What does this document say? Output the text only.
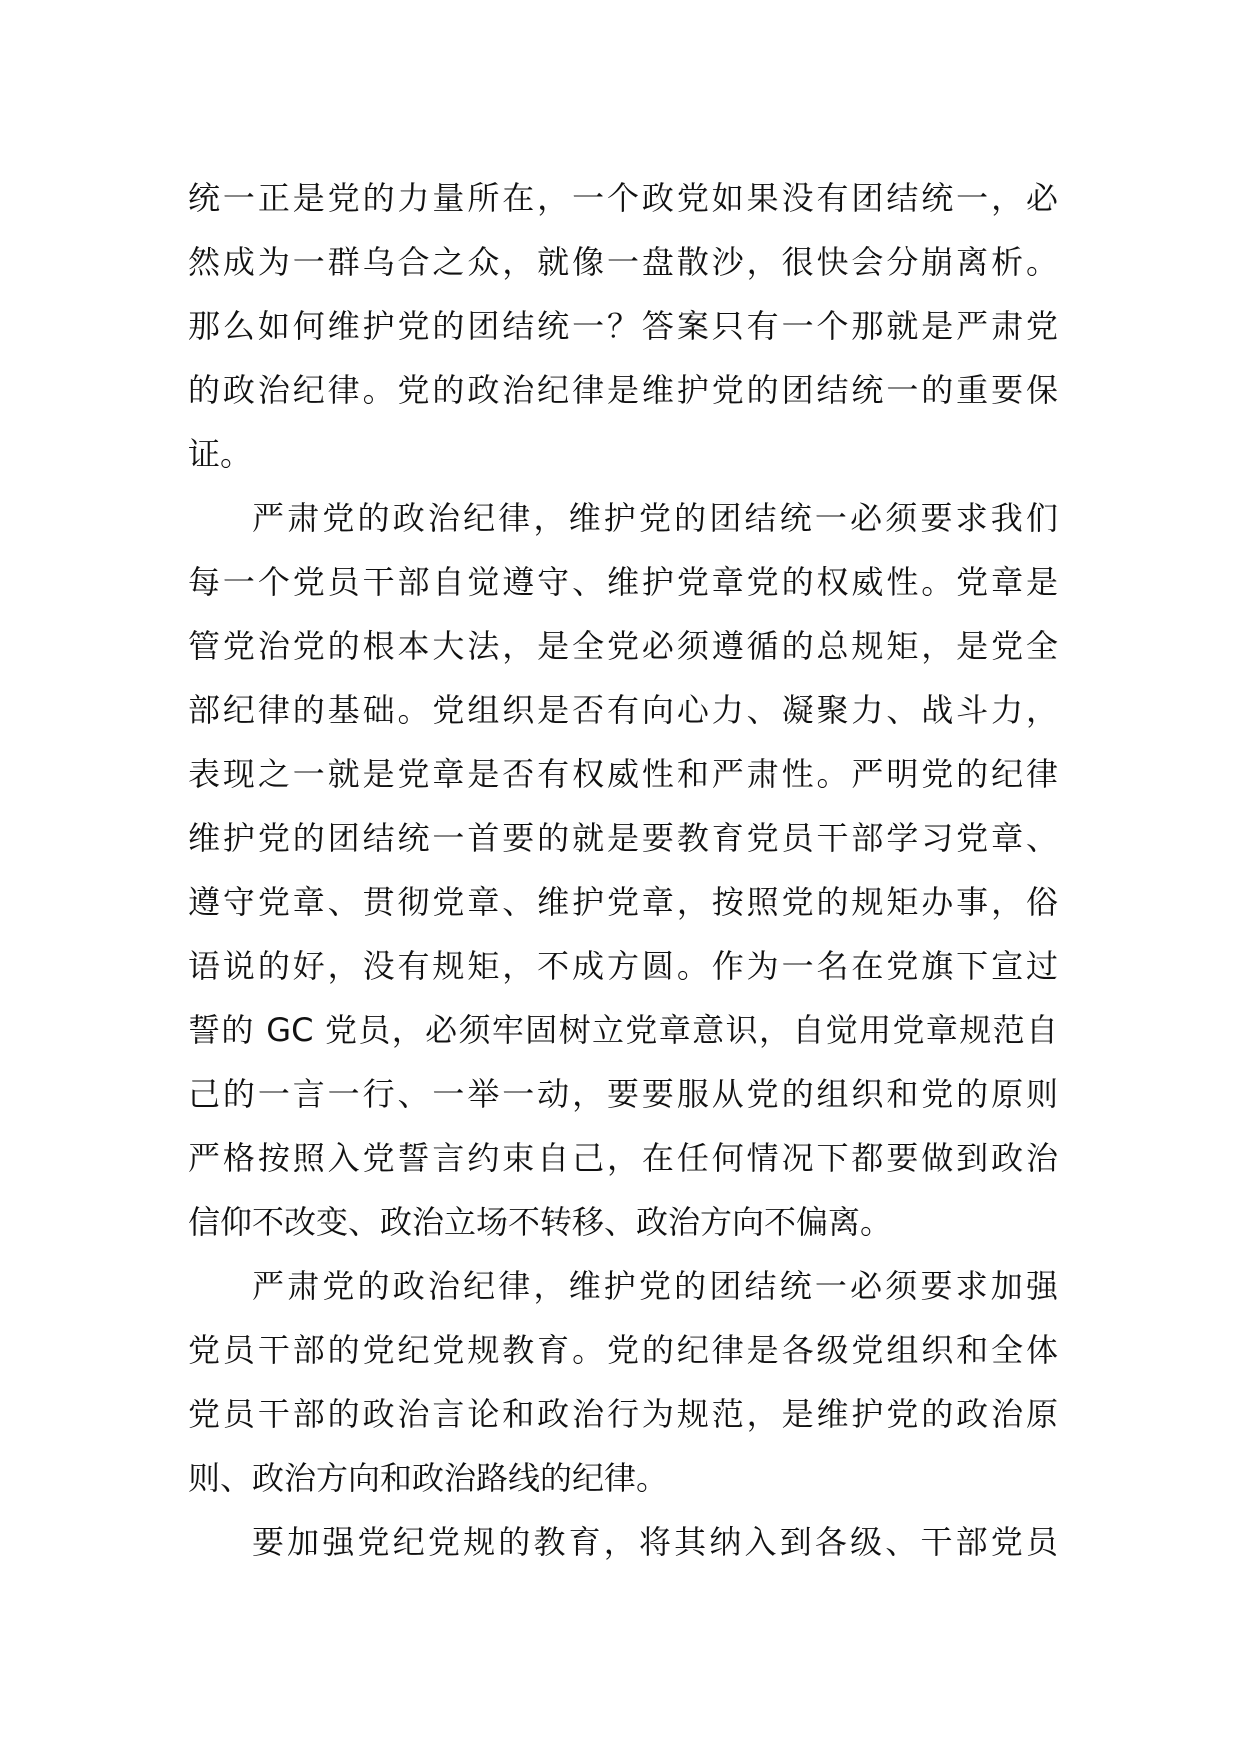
统一正是党的力量所在，一个政党如果没有团结统一，必
然成为一群乌合之众，就像一盘散沙，很快会分崩离析。
那么如何维护党的团结统一？答案只有一个那就是严肃党
的政治纪律。党的政治纪律是维护党的团结统一的重要保
证。
严肃党的政治纪律，维护党的团结统一必须要求我们
每一个党员干部自觉遵守、维护党章党的权威性。党章是
管党治党的根本大法，是全党必须遵循的总规矩，是党全
部纪律的基础。党组织是否有向心力、凝聚力、战斗力，
表现之一就是党章是否有权威性和严肃性。严明党的纪律
维护党的团结统一首要的就是要教育党员干部学习党章、
遵守党章、贯彻党章、维护党章，按照党的规矩办事，俗
语说的好，没有规矩，不成方圆。作为一名在党旗下宣过
誓的 GC 党员，必须牢固树立党章意识，自觉用党章规范自
己的一言一行、一举一动，要要服从党的组织和党的原则
严格按照入党誓言约束自己，在任何情况下都要做到政治
信仰不改变、政治立场不转移、政治方向不偏离。
严肃党的政治纪律，维护党的团结统一必须要求加强
党员干部的党纪党规教育。党的纪律是各级党组织和全体
党员干部的政治言论和政治行为规范，是维护党的政治原
则、政治方向和政治路线的纪律。
要加强党纪党规的教育，将其纳入到各级、干部党员
